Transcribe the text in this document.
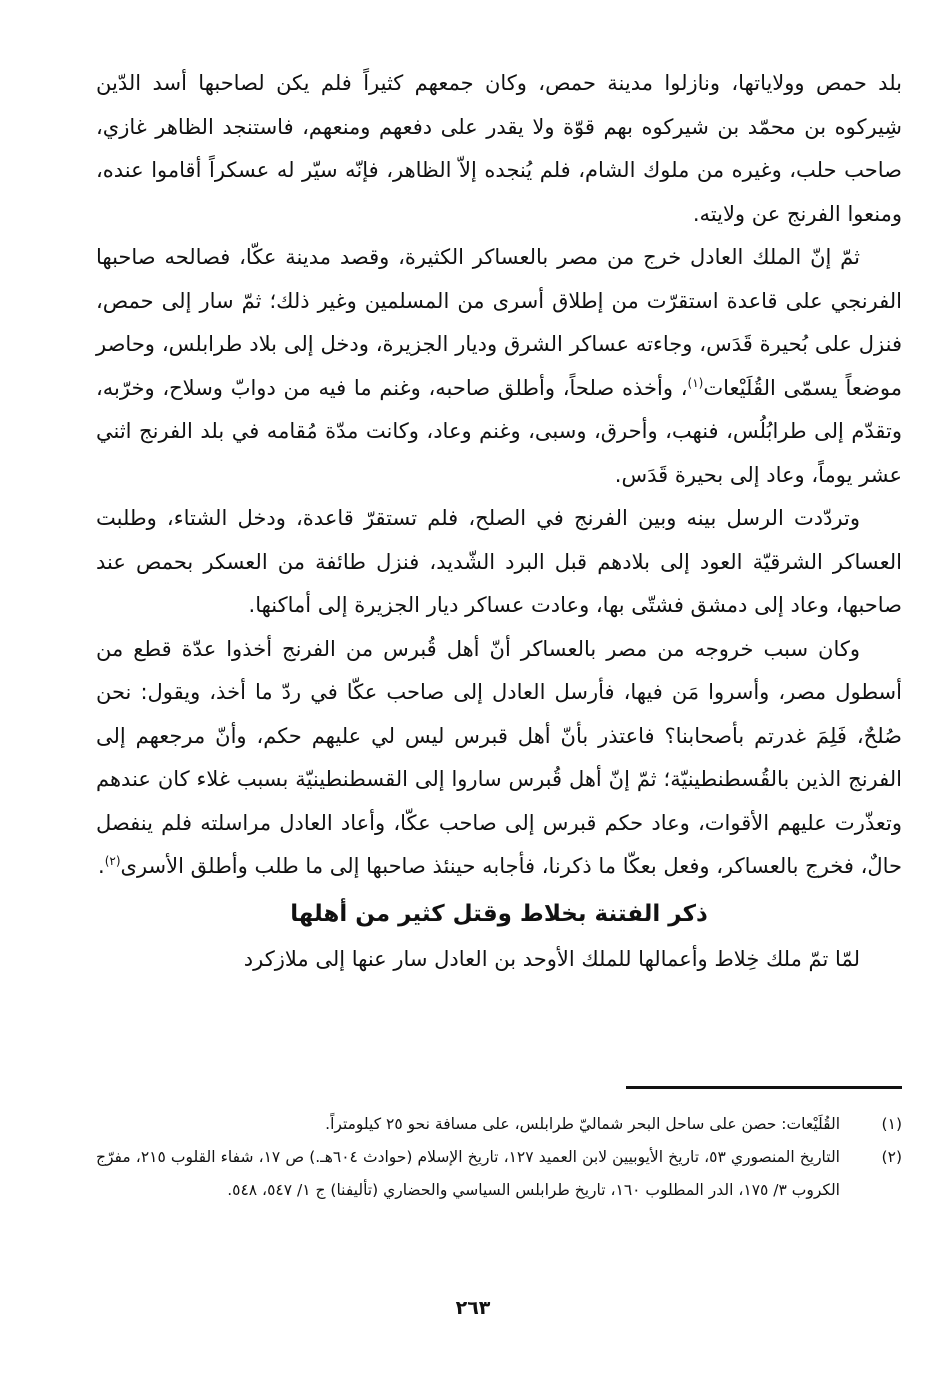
بلد حمص وولاياتها، ونازلوا مدينة حمص، وكان جمعهم كثيراً فلم يكن لصاحبها أسد الدّين شِيركوه بن محمّد بن شيركوه بهم قوّة ولا يقدر على دفعهم ومنعهم، فاستنجد الظاهر غازي، صاحب حلب، وغيره من ملوك الشام، فلم يُنجده إلاّ الظاهر، فإنّه سيّر له عسكراً أقاموا عنده، ومنعوا الفرنج عن ولايته.

ثمّ إنّ الملك العادل خرج من مصر بالعساكر الكثيرة، وقصد مدينة عكّا، فصالحه صاحبها الفرنجي على قاعدة استقرّت من إطلاق أسرى من المسلمين وغير ذلك؛ ثمّ سار إلى حمص، فنزل على بُحيرة قَدَس، وجاءته عساكر الشرق وديار الجزيرة، ودخل إلى بلاد طرابلس، وحاصر موضعاً يسمّى القُلَيْعات$^{(١)}$، وأخذه صلحاً، وأطلق صاحبه، وغنم ما فيه من دوابّ وسلاح، وخرّبه، وتقدّم إلى طرابُلُس، فنهب، وأحرق، وسبى، وغنم وعاد، وكانت مدّة مُقامه في بلد الفرنج اثني عشر يوماً، وعاد إلى بحيرة قَدَس.

وتردّدت الرسل بينه وبين الفرنج في الصلح، فلم تستقرّ قاعدة، ودخل الشتاء، وطلبت العساكر الشرقيّة العود إلى بلادهم قبل البرد الشّديد، فنزل طائفة من العسكر بحمص عند صاحبها، وعاد إلى دمشق فشتّى بها، وعادت عساكر ديار الجزيرة إلى أماكنها.

وكان سبب خروجه من مصر بالعساكر أنّ أهل قُبرس من الفرنج أخذوا عدّة قطع من أسطول مصر، وأسروا مَن فيها، فأرسل العادل إلى صاحب عكّا في ردّ ما أخذ، ويقول: نحن صُلحٌ، فَلِمَ غدرتم بأصحابنا؟ فاعتذر بأنّ أهل قبرس ليس لي عليهم حكم، وأنّ مرجعهم إلى الفرنج الذين بالقُسطنطينيّة؛ ثمّ إنّ أهل قُبرس ساروا إلى القسطنطينيّة بسبب غلاء كان عندهم وتعذّرت عليهم الأقوات، وعاد حكم قبرس إلى صاحب عكّا، وأعاد العادل مراسلته فلم ينفصل حالٌ، فخرج بالعساكر، وفعل بعكّا ما ذكرنا، فأجابه حينئذ صاحبها إلى ما طلب وأطلق الأسرى$^{(٢)}$.

ذكر الفتنة بخلاط وقتل كثير من أهلها

لمّا تمّ ملك خِلاط وأعمالها للملك الأوحد بن العادل سار عنها إلى ملازكرد

(١)
القُلَيْعات: حصن على ساحل البحر شماليّ طرابلس، على مسافة نحو ٢٥ كيلومتراً.
(٢)
التاريخ المنصوري ٥٣، تاريخ الأيوبيين لابن العميد ١٢٧، تاريخ الإسلام (حوادث ٦٠٤هـ.) ص ١٧، شفاء القلوب ٢١٥، مفرّج الكروب ٣/ ١٧٥، الدر المطلوب ١٦٠، تاريخ طرابلس السياسي والحضاري (تأليفنا) ج ١/ ٥٤٧، ٥٤٨.
٢٦٣
